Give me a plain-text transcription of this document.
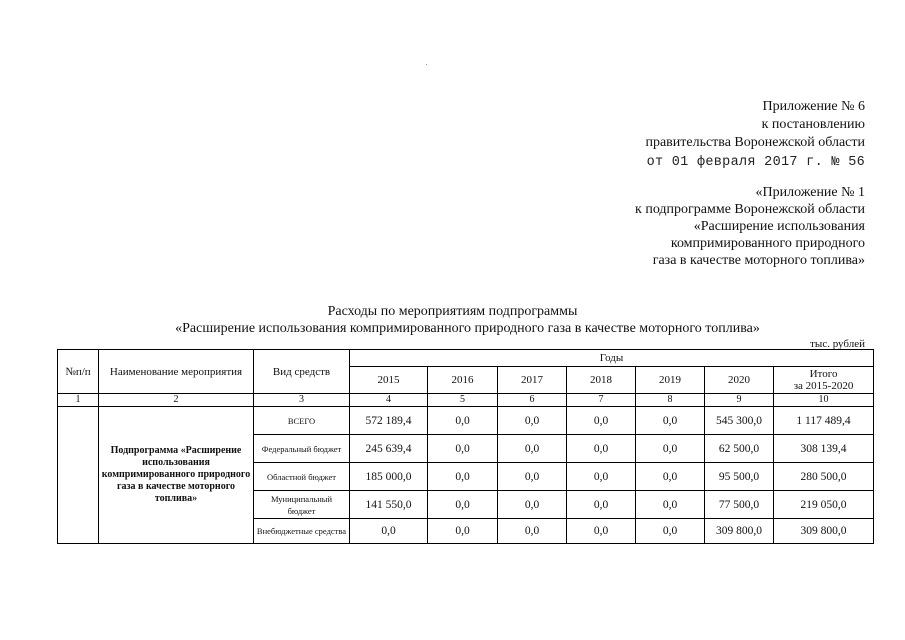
Приложение № 6
к постановлению
правительства Воронежской области
от 01 февраля 2017 г. № 56
«Приложение № 1
к подпрограмме Воронежской области
«Расширение использования
компримированного природного
газа в качестве моторного топлива»
Расходы по мероприятиям подпрограммы
«Расширение использования компримированного природного газа в качестве моторного топлива»
тыс. рублей
№п/п	Наименование мероприятия	Вид средств	Годы						
			2015	2016	2017	2018	2019	2020	Итого
за 2015-2020

1	2	3	4	5	6	7	8	9	10
	Подпрограмма «Расширение использования компримированного природного газа в качестве моторного топлива»	ВСЕГО	572 189,4	0,0	0,0	0,0	0,0	545 300,0	1 117 489,4
		Федеральный бюджет	245 639,4	0,0	0,0	0,0	0,0	62 500,0	308 139,4
		Областной бюджет	185 000,0	0,0	0,0	0,0	0,0	95 500,0	280 500,0
		Муниципальный бюджет	141 550,0	0,0	0,0	0,0	0,0	77 500,0	219 050,0
		Внебюджетные средства	0,0	0,0	0,0	0,0	0,0	309 800,0	309 800,0
